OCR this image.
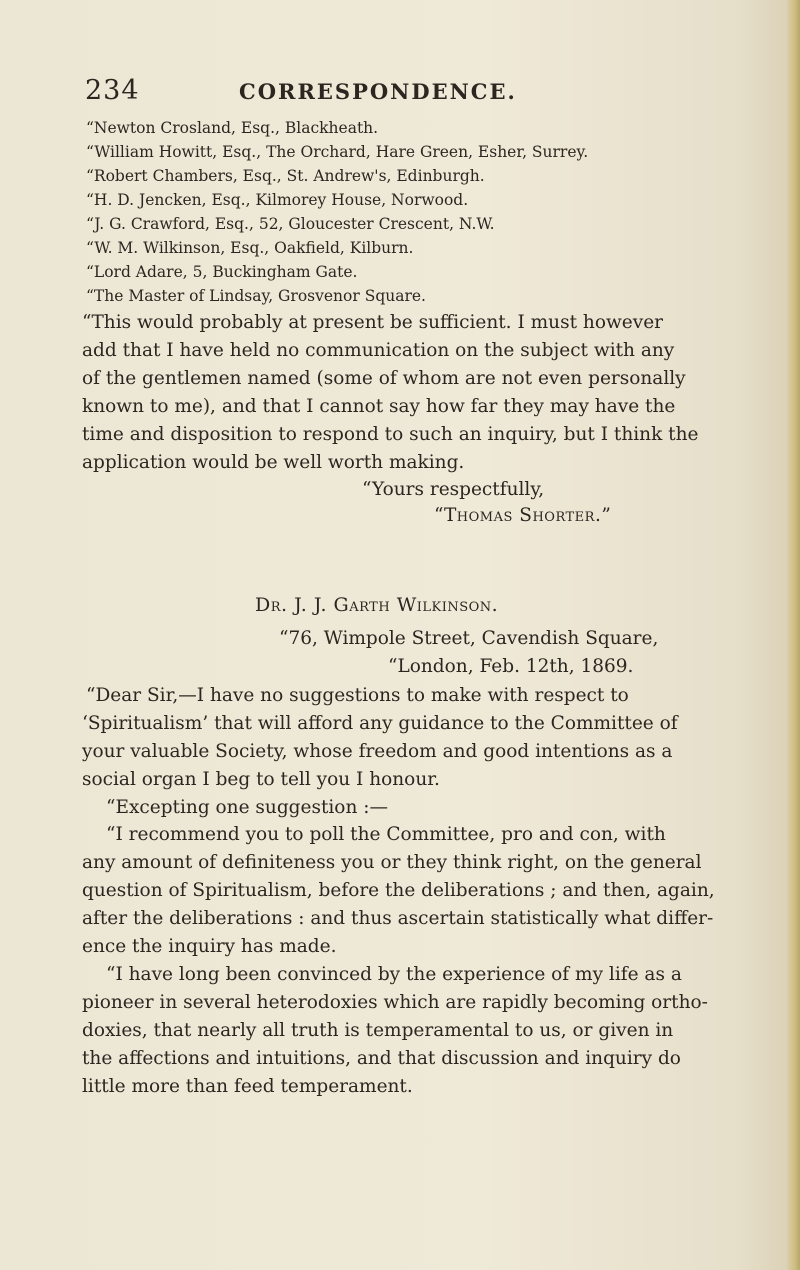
234	CORRESPONDENCE.
“Newton Crosland, Esq., Blackheath.
“William Howitt, Esq., The Orchard, Hare Green, Esher, Surrey.
“Robert Chambers, Esq., St. Andrew's, Edinburgh.
“H. D. Jencken, Esq., Kilmorey House, Norwood.
“J. G. Crawford, Esq., 52, Gloucester Crescent, N.W.
“W. M. Wilkinson, Esq., Oakfield, Kilburn.
“Lord Adare, 5, Buckingham Gate.
“The Master of Lindsay, Grosvenor Square.
“This would probably at present be sufficient. I must however
add that I have held no communication on the subject with any
of the gentlemen named (some of whom are not even personally
known to me), and that I cannot say how far they may have the
time and disposition to respond to such an inquiry, but I think the
application would be well worth making.
“Yours respectfully,
“Thomas Shorter.”
Dr. J. J. Garth Wilkinson.
“76, Wimpole Street, Cavendish Square,
“London, Feb. 12th, 1869.
“Dear Sir,—I have no suggestions to make with respect to
‘Spiritualism’ that will afford any guidance to the Committee of
your valuable Society, whose freedom and good intentions as a
social organ I beg to tell you I honour.
“Excepting one suggestion :—
“I recommend you to poll the Committee, pro and con, with
any amount of definiteness you or they think right, on the general
question of Spiritualism, before the deliberations ; and then, again,
after the deliberations : and thus ascertain statistically what differ-
ence the inquiry has made.
“I have long been convinced by the experience of my life as a
pioneer in several heterodoxies which are rapidly becoming ortho-
doxies, that nearly all truth is temperamental to us, or given in
the affections and intuitions, and that discussion and inquiry do
little more than feed temperament.
